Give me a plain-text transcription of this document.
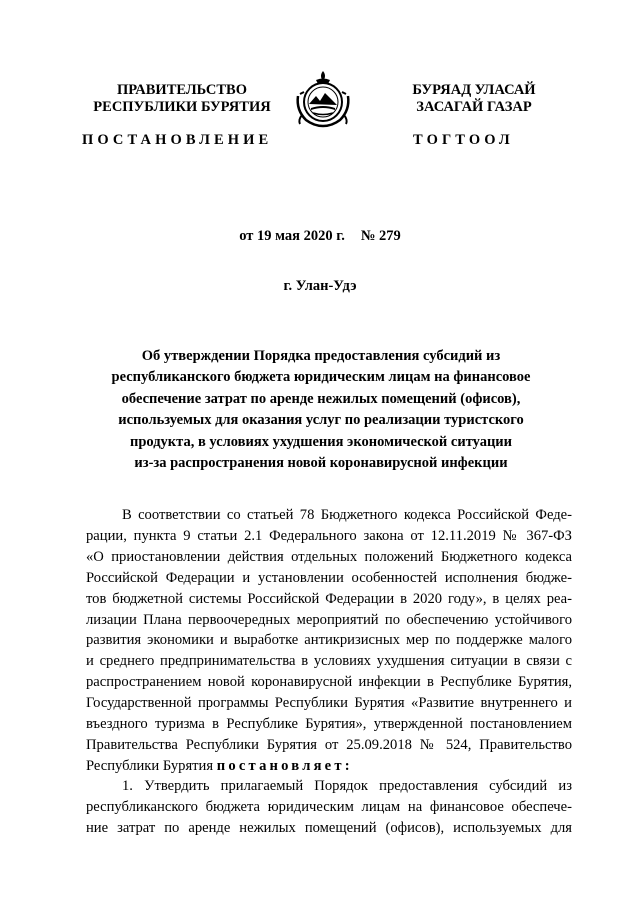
ПРАВИТЕЛЬСТВО
РЕСПУБЛИКИ БУРЯТИЯ
БУРЯАД УЛАСАЙ
ЗАСАГАЙ ГАЗАР
ПОСТАНОВЛЕНИЕ	ТОГТООЛ
от 19 мая 2020 г. № 279
г. Улан-Удэ
Об утверждении Порядка предоставления субсидий из
республиканского бюджета юридическим лицам на финансовое
обеспечение затрат по аренде нежилых помещений (офисов),
используемых для оказания услуг по реализации туристского
продукта, в условиях ухудшения экономической ситуации
из-за распространения новой коронавирусной инфекции
В соответствии со статьей 78 Бюджетного кодекса Российской Феде-
рации, пункта 9 статьи 2.1 Федерального закона от 12.11.2019 № 367-ФЗ
«О приостановлении действия отдельных положений Бюджетного кодекса
Российской Федерации и установлении особенностей исполнения бюдже-
тов бюджетной системы Российской Федерации в 2020 году», в целях реа-
лизации Плана первоочередных мероприятий по обеспечению устойчивого
развития экономики и выработке антикризисных мер по поддержке малого
и среднего предпринимательства в условиях ухудшения ситуации в связи с
распространением новой коронавирусной инфекции в Республике Бурятия,
Государственной программы Республики Бурятия «Развитие внутреннего и
въездного туризма в Республике Бурятия», утвержденной постановлением
Правительства Республики Бурятия от 25.09.2018 № 524, Правительство
Республики Бурятия постановляет:
1. Утвердить прилагаемый Порядок предоставления субсидий из
республиканского бюджета юридическим лицам на финансовое обеспече-
ние затрат по аренде нежилых помещений (офисов), используемых для
